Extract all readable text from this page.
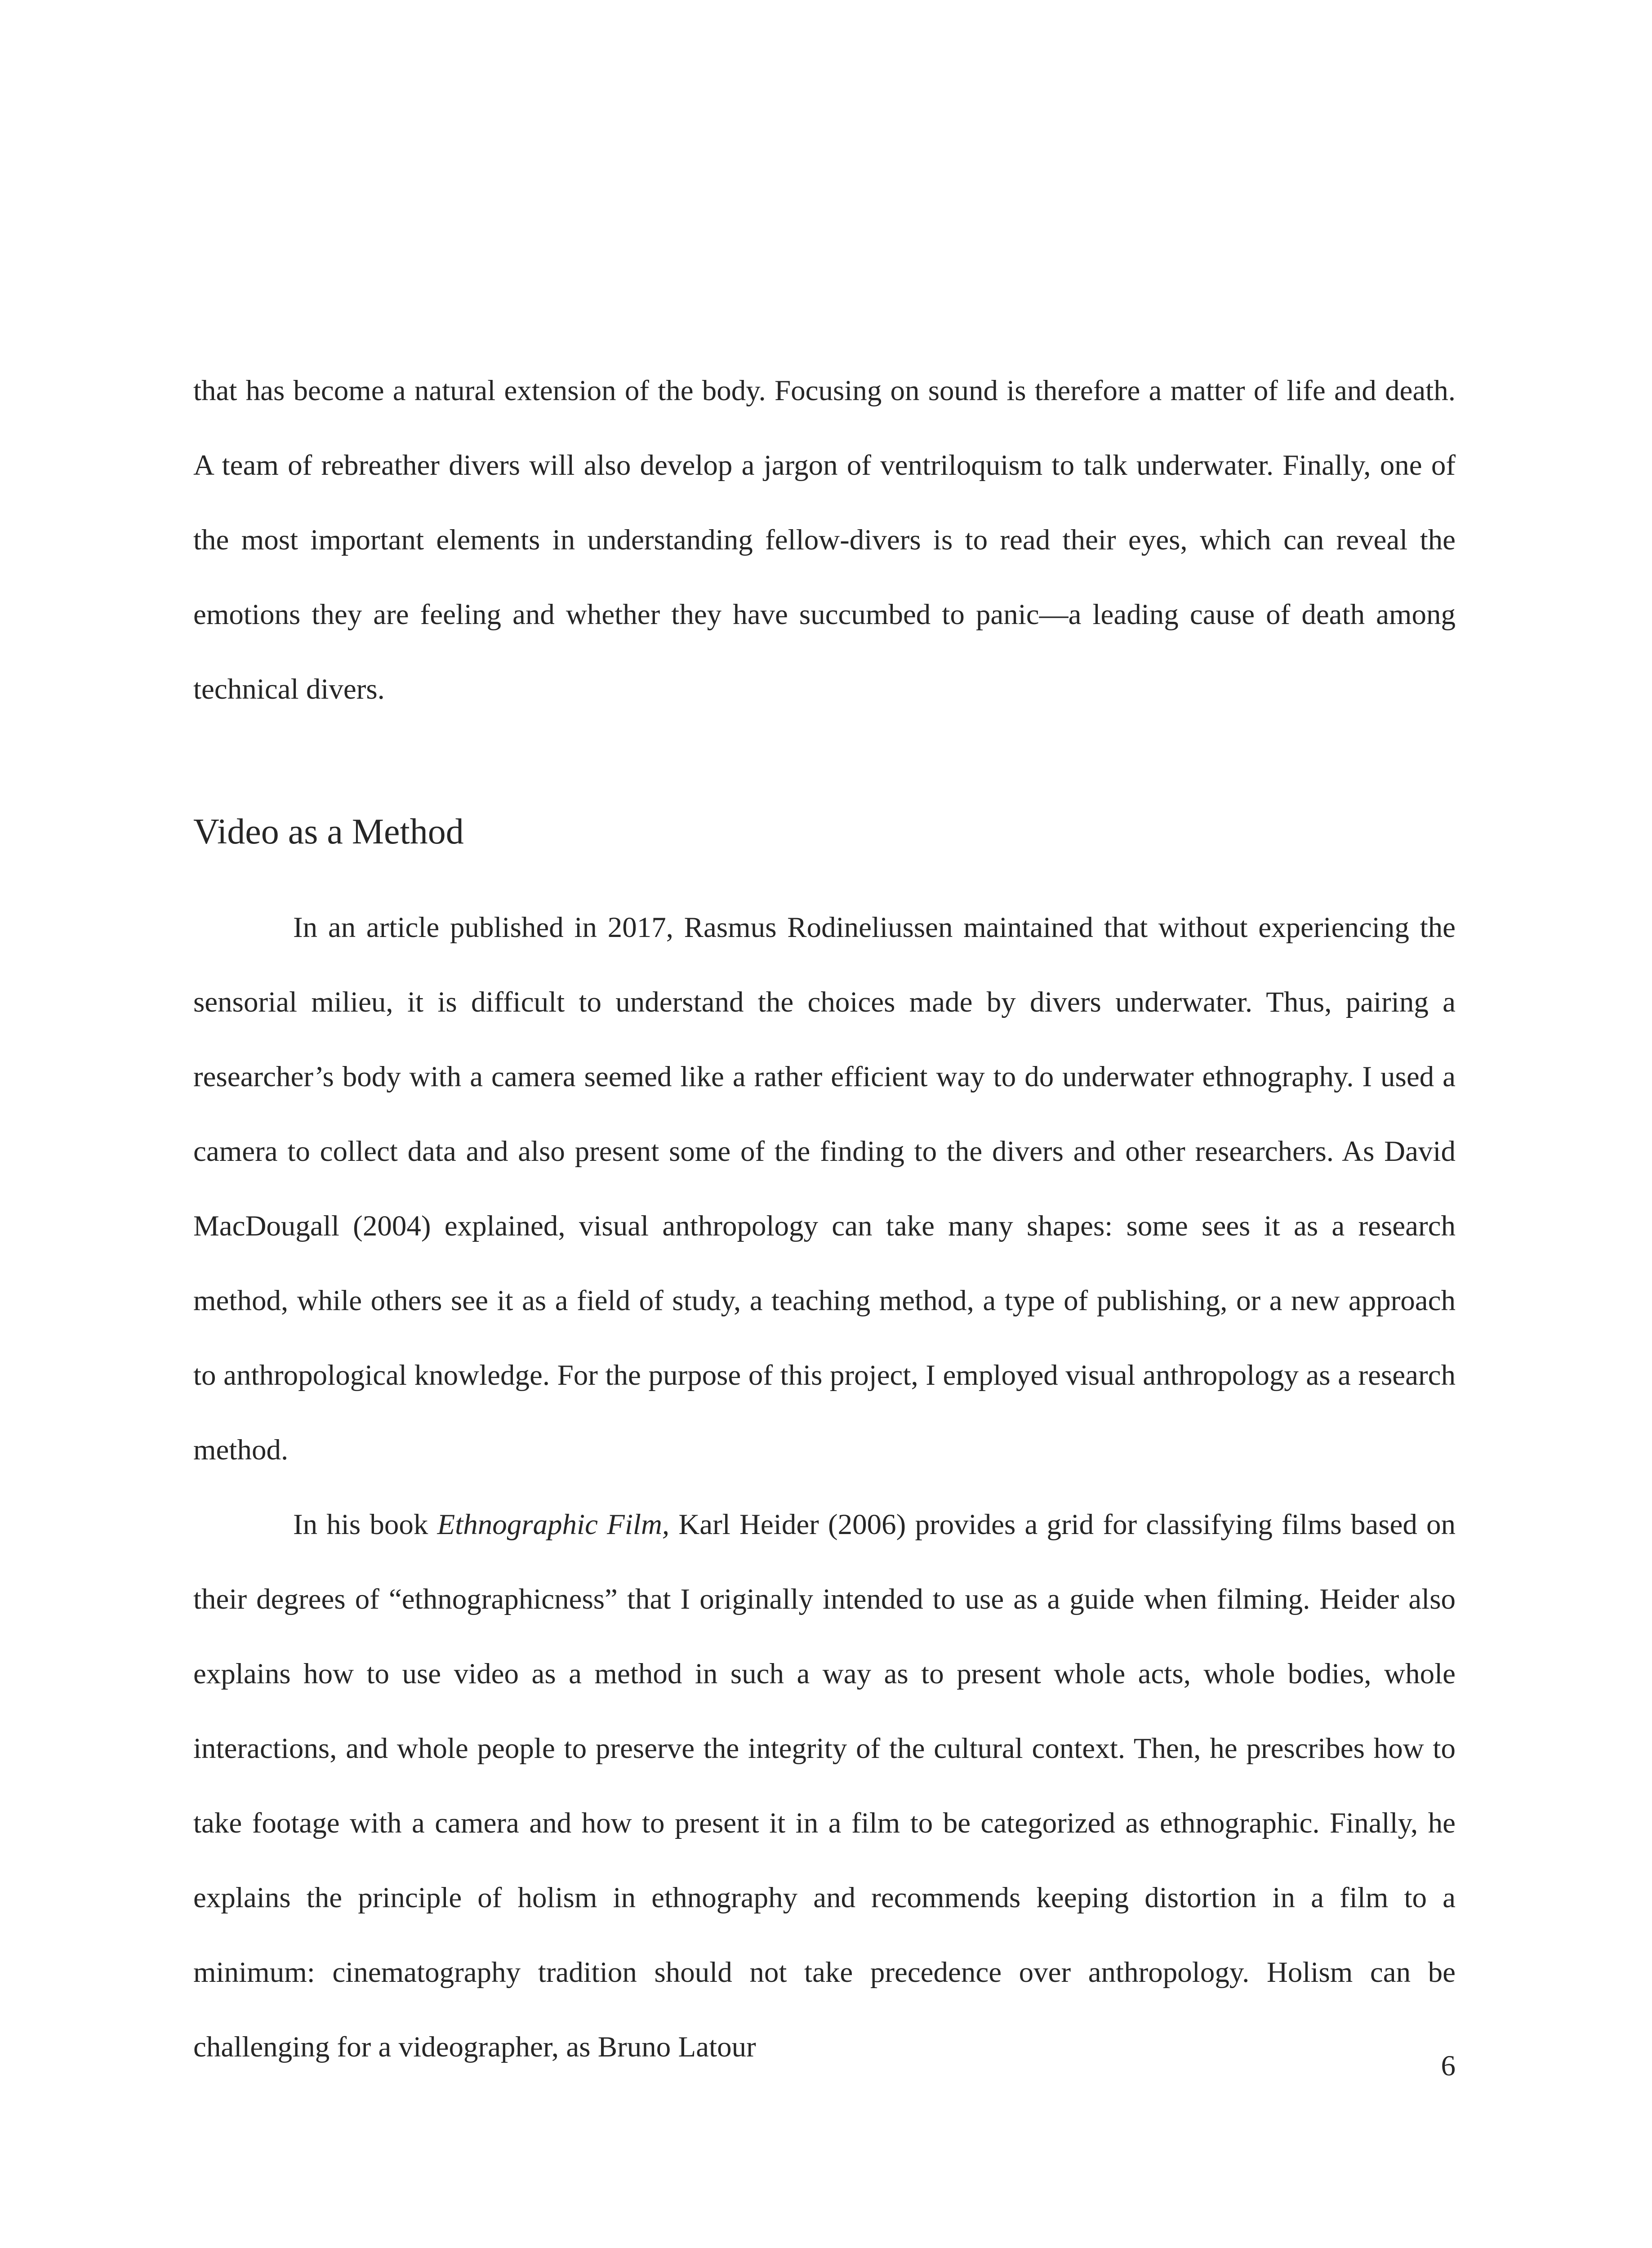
that has become a natural extension of the body. Focusing on sound is therefore a matter of life and death. A team of rebreather divers will also develop a jargon of ventriloquism to talk underwater. Finally, one of the most important elements in understanding fellow-divers is to read their eyes, which can reveal the emotions they are feeling and whether they have succumbed to panic—a leading cause of death among technical divers.

Video as a Method

In an article published in 2017, Rasmus Rodineliussen maintained that without experiencing the sensorial milieu, it is difficult to understand the choices made by divers underwater. Thus, pairing a researcher’s body with a camera seemed like a rather efficient way to do underwater ethnography. I used a camera to collect data and also present some of the finding to the divers and other researchers. As David MacDougall (2004) explained, visual anthropology can take many shapes: some sees it as a research method, while others see it as a field of study, a teaching method, a type of publishing, or a new approach to anthropological knowledge. For the purpose of this project, I employed visual anthropology as a research method.

In his book Ethnographic Film, Karl Heider (2006) provides a grid for classifying films based on their degrees of “ethnographicness” that I originally intended to use as a guide when filming. Heider also explains how to use video as a method in such a way as to present whole acts, whole bodies, whole interactions, and whole people to preserve the integrity of the cultural context. Then, he prescribes how to take footage with a camera and how to present it in a film to be categorized as ethnographic. Finally, he explains the principle of holism in ethnography and recommends keeping distortion in a film to a minimum: cinematography tradition should not take precedence over anthropology. Holism can be challenging for a videographer, as Bruno Latour

6
